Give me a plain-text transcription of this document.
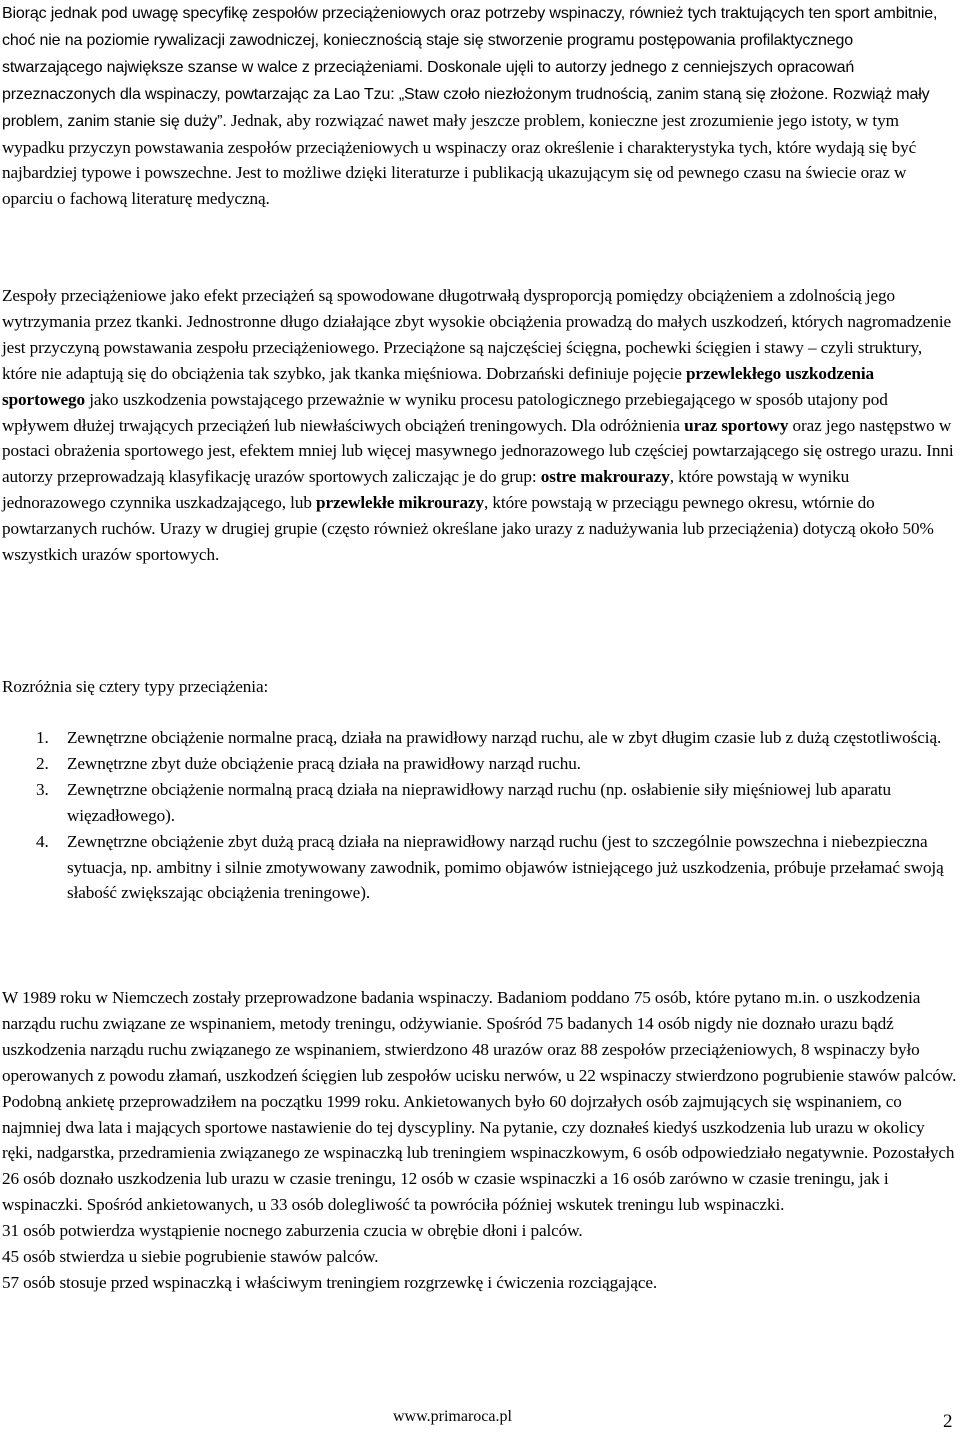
Biorąc jednak pod uwagę specyfikę zespołów przeciążeniowych oraz potrzeby wspinaczy, również tych traktujących ten sport ambitnie, choć nie na poziomie rywalizacji zawodniczej, koniecznością staje się stworzenie programu postępowania profilaktycznego stwarzającego największe szanse w walce z przeciążeniami. Doskonale ujęli to autorzy jednego z cenniejszych opracowań przeznaczonych dla wspinaczy, powtarzając za Lao Tzu: „Staw czoło niezłożonym trudnością, zanim staną się złożone. Rozwiąż mały problem, zanim stanie się duży”. Jednak, aby rozwiązać nawet mały jeszcze problem, konieczne jest zrozumienie jego istoty, w tym wypadku przyczyn powstawania zespołów przeciążeniowych u wspinaczy oraz określenie i charakterystyka tych, które wydają się być najbardziej typowe i powszechne. Jest to możliwe dzięki literaturze i publikacją ukazującym się od pewnego czasu na świecie oraz w oparciu o fachową literaturę medyczną.

Zespoły przeciążeniowe jako efekt przeciążeń są spowodowane długotrwałą dysproporcją pomiędzy obciążeniem a zdolnością jego wytrzymania przez tkanki. Jednostronne długo działające zbyt wysokie obciążenia prowadzą do małych uszkodzeń, których nagromadzenie jest przyczyną powstawania zespołu przeciążeniowego. Przeciążone są najczęściej ścięgna, pochewki ścięgien i stawy – czyli struktury, które nie adaptują się do obciążenia tak szybko, jak tkanka mięśniowa. Dobrzański definiuje pojęcie przewlekłego uszkodzenia sportowego jako uszkodzenia powstającego przeważnie w wyniku procesu patologicznego przebiegającego w sposób utajony pod wpływem dłużej trwających przeciążeń lub niewłaściwych obciążeń treningowych. Dla odróżnienia uraz sportowy oraz jego następstwo w postaci obrażenia sportowego jest, efektem mniej lub więcej masywnego jednorazowego lub częściej powtarzającego się ostrego urazu. Inni autorzy przeprowadzają klasyfikację urazów sportowych zaliczając je do grup: ostre makrourazy, które powstają w wyniku jednorazowego czynnika uszkadzającego, lub przewlekłe mikrourazy, które powstają w przeciągu pewnego okresu, wtórnie do powtarzanych ruchów. Urazy w drugiej grupie (często również określane jako urazy z nadużywania lub przeciążenia) dotyczą około 50% wszystkich urazów sportowych.

Rozróżnia się cztery typy przeciążenia:

1. Zewnętrzne obciążenie normalne pracą, działa na prawidłowy narząd ruchu, ale w zbyt długim czasie lub z dużą częstotliwością.
2. Zewnętrzne zbyt duże obciążenie pracą działa na prawidłowy narząd ruchu.
3. Zewnętrzne obciążenie normalną pracą działa na nieprawidłowy narząd ruchu (np. osłabienie siły mięśniowej lub aparatu więzadłowego).
4. Zewnętrzne obciążenie zbyt dużą pracą działa na nieprawidłowy narząd ruchu (jest to szczególnie powszechna i niebezpieczna sytuacja, np. ambitny i silnie zmotywowany zawodnik, pomimo objawów istniejącego już uszkodzenia, próbuje przełamać swoją słabość zwiększając obciążenia treningowe).
W 1989 roku w Niemczech zostały przeprowadzone badania wspinaczy. Badaniom poddano 75 osób, które pytano m.in. o uszkodzenia narządu ruchu związane ze wspinaniem, metody treningu, odżywianie. Spośród 75 badanych 14 osób nigdy nie doznało urazu bądź uszkodzenia narządu ruchu związanego ze wspinaniem, stwierdzono 48 urazów oraz 88 zespołów przeciążeniowych, 8 wspinaczy było operowanych z powodu złamań, uszkodzeń ścięgien lub zespołów ucisku nerwów, u 22 wspinaczy stwierdzono pogrubienie stawów palców. Podobną ankietę przeprowadziłem na początku 1999 roku. Ankietowanych było 60 dojrzałych osób zajmujących się wspinaniem, co najmniej dwa lata i mających sportowe nastawienie do tej dyscypliny. Na pytanie, czy doznałeś kiedyś uszkodzenia lub urazu w okolicy ręki, nadgarstka, przedramienia związanego ze wspinaczką lub treningiem wspinaczkowym, 6 osób odpowiedziało negatywnie. Pozostałych 26 osób doznało uszkodzenia lub urazu w czasie treningu, 12 osób w czasie wspinaczki a 16 osób zarówno w czasie treningu, jak i wspinaczki. Spośród ankietowanych, u 33 osób dolegliwość ta powróciła później wskutek treningu lub wspinaczki.
31 osób potwierdza wystąpienie nocnego zaburzenia czucia w obrębie dłoni i palców.
45 osób stwierdza u siebie pogrubienie stawów palców.
57 osób stosuje przed wspinaczką i właściwym treningiem rozgrzewkę i ćwiczenia rozciągające.
www.primaroca.pl	2
